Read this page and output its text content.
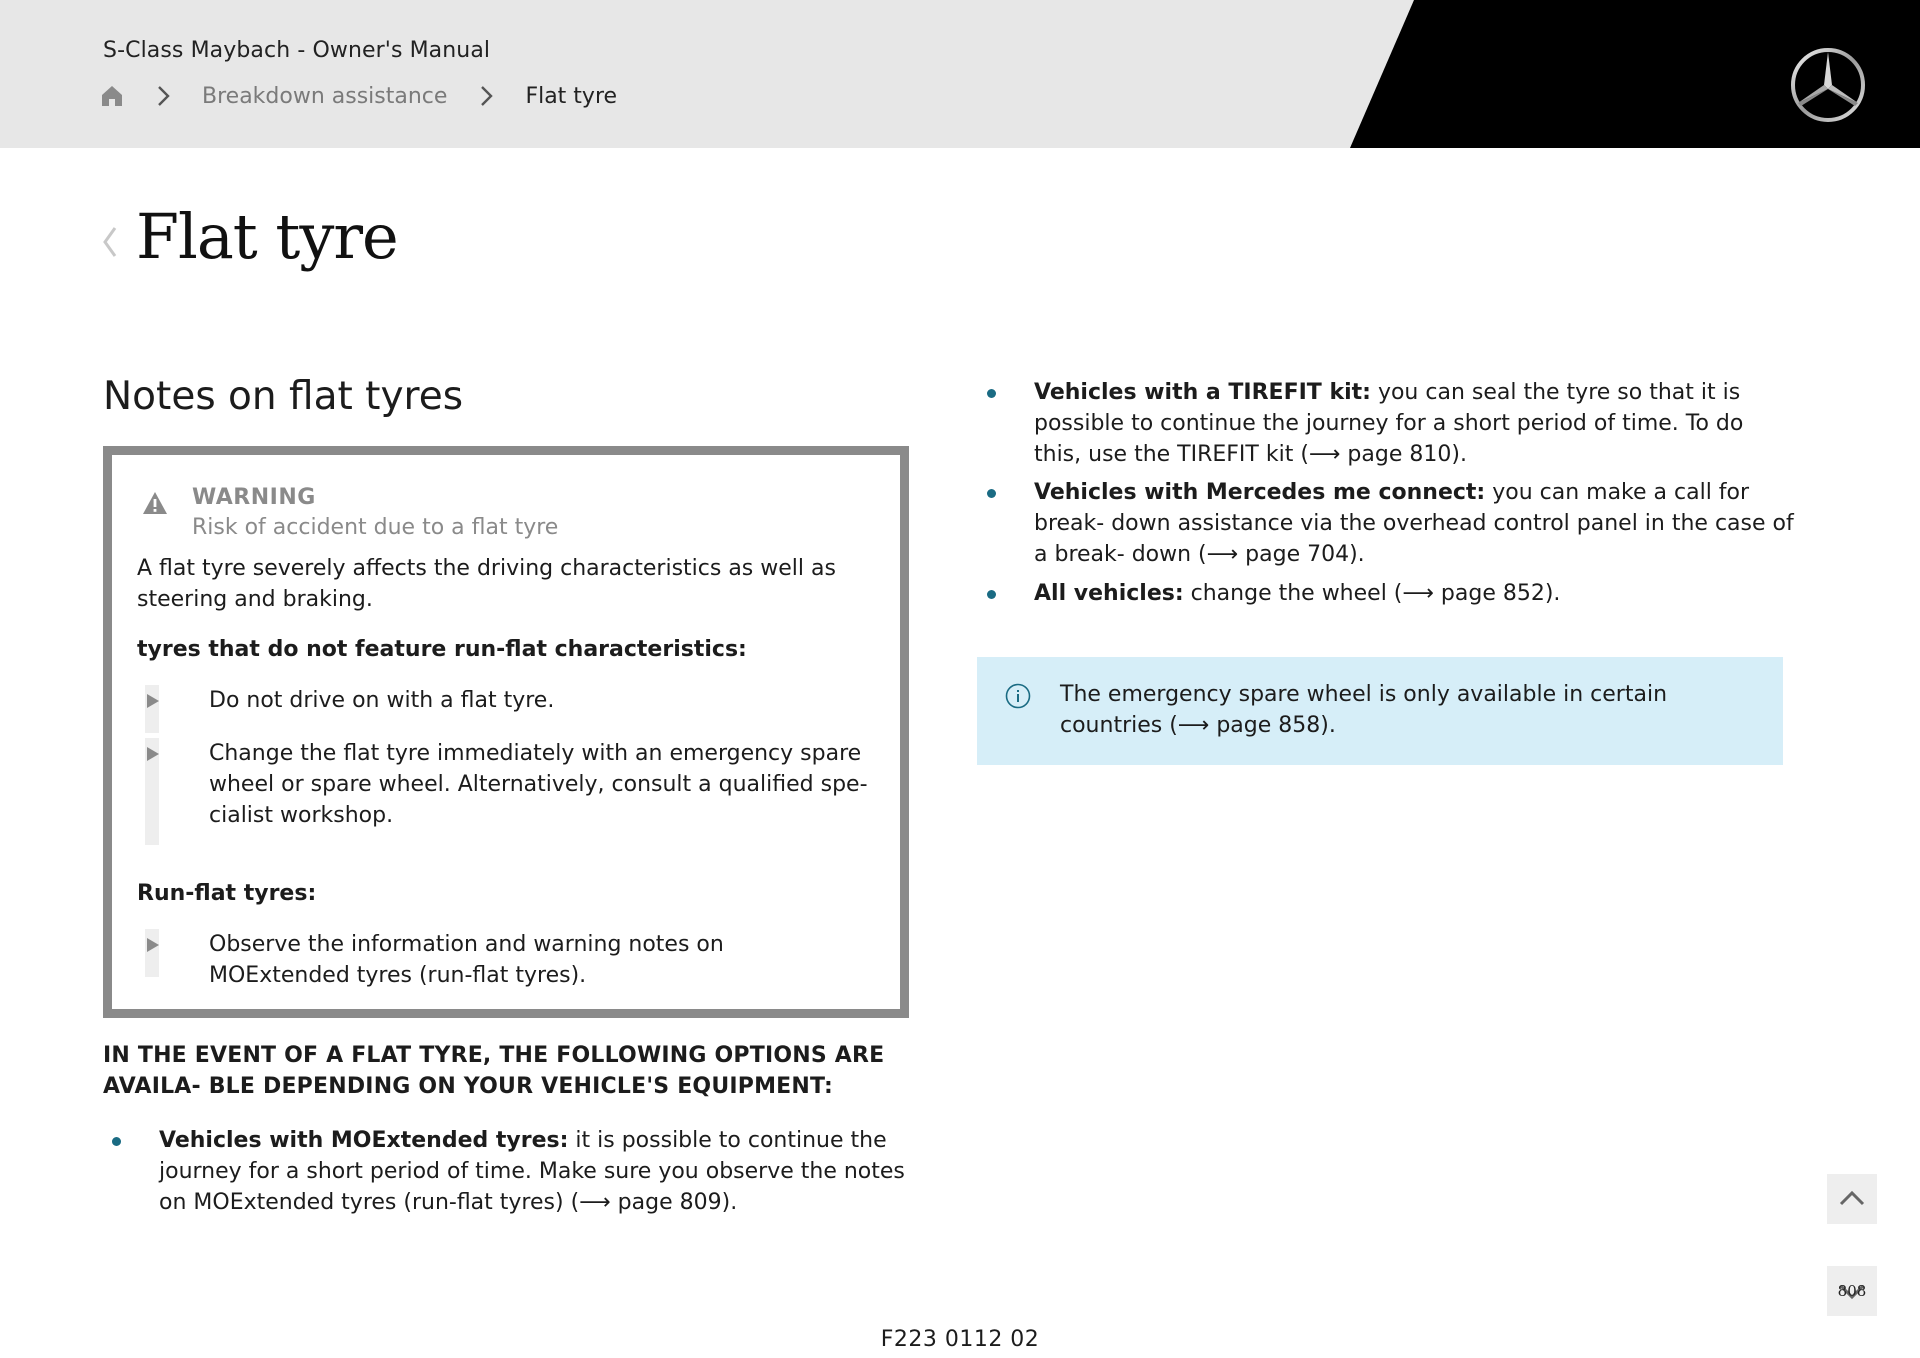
S-Class Maybach - Owner's Manual
Breakdown assistance	Flat tyre
Flat tyre
Notes on flat tyres
WARNING
Risk of accident due to a flat tyre
A flat tyre severely affects the driving characteristics as well as steering and braking.
tyres that do not feature run-flat characteristics:
Do not drive on with a flat tyre.
Change the flat tyre immediately with an emergency spare wheel or spare wheel. Alternatively, consult a qualified spe- cialist workshop.
Run-flat tyres:
Observe the information and warning notes on MOExtended tyres (run-flat tyres).
IN THE EVENT OF A FLAT TYRE, THE FOLLOWING OPTIONS ARE AVAILA- BLE DEPENDING ON YOUR VEHICLE'S EQUIPMENT:
Vehicles with MOExtended tyres: it is possible to continue the journey for a short period of time. Make sure you observe the notes on MOExtended tyres (run-flat tyres) (⟶ page 809).
Vehicles with a TIREFIT kit: you can seal the tyre so that it is possible to continue the journey for a short period of time. To do this, use the TIREFIT kit (⟶ page 810).
Vehicles with Mercedes me connect: you can make a call for break- down assistance via the overhead control panel in the case of a break- down (⟶ page 704).
All vehicles: change the wheel (⟶ page 852).
The emergency spare wheel is only available in certain countries (⟶ page 858).
808
F223 0112 02
